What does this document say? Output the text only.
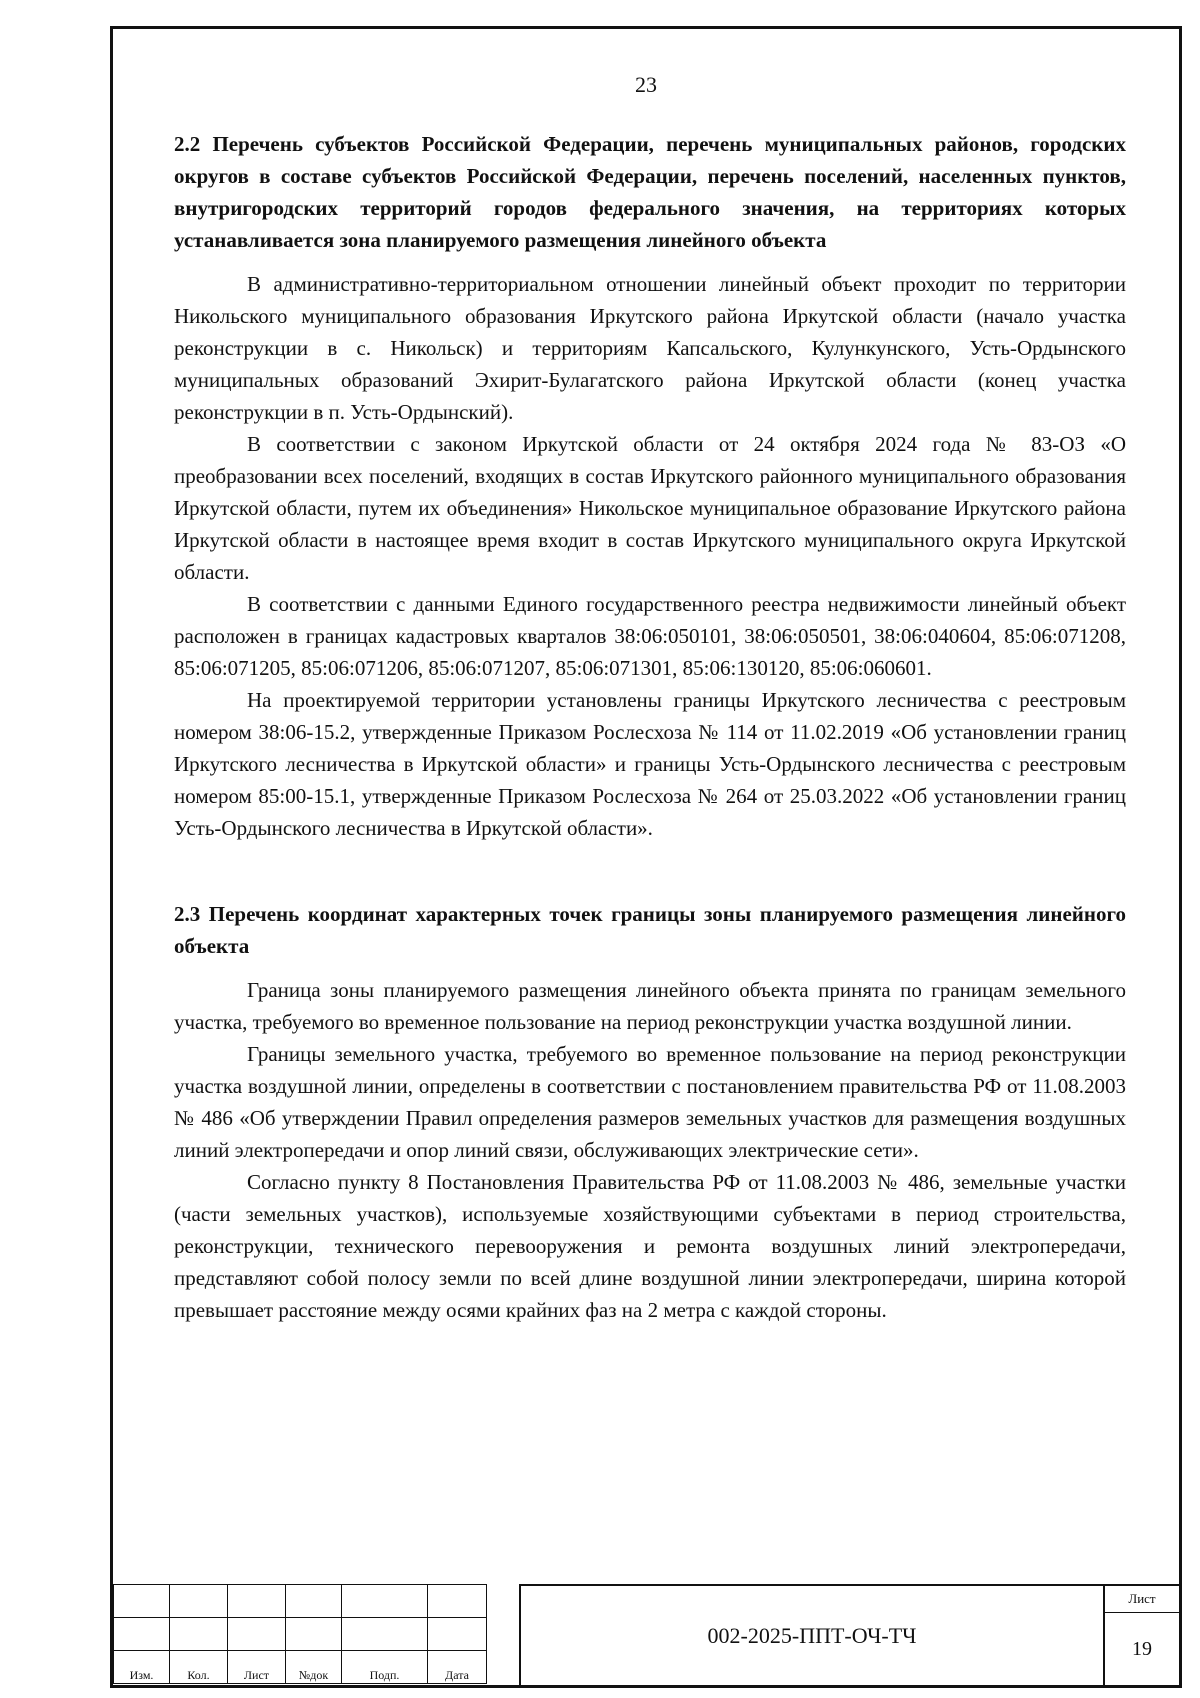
23
2.2 Перечень субъектов Российской Федерации, перечень муниципальных районов, городских округов в составе субъектов Российской Федерации, перечень поселений, населенных пунктов, внутригородских территорий городов федерального значения, на территориях которых устанавливается зона планируемого размещения линейного объекта

В административно-территориальном отношении линейный объект проходит по территории Никольского муниципального образования Иркутского района Иркутской области (начало участка реконструкции в с. Никольск) и территориям Капсальского, Кулункунского, Усть-Ордынского муниципальных образований Эхирит-Булагатского района Иркутской области (конец участка реконструкции в п. Усть-Ордынский).

В соответствии с законом Иркутской области от 24 октября 2024 года № 83-ОЗ «О преобразовании всех поселений, входящих в состав Иркутского районного муниципального образования Иркутской области, путем их объединения» Никольское муниципальное образование Иркутского района Иркутской области в настоящее время входит в состав Иркутского муниципального округа Иркутской области.

В соответствии с данными Единого государственного реестра недвижимости линейный объект расположен в границах кадастровых кварталов 38:06:050101, 38:06:050501, 38:06:040604, 85:06:071208, 85:06:071205, 85:06:071206, 85:06:071207, 85:06:071301, 85:06:130120, 85:06:060601.

На проектируемой территории установлены границы Иркутского лесничества с реестровым номером 38:06-15.2, утвержденные Приказом Рослесхоза № 114 от 11.02.2019 «Об установлении границ Иркутского лесничества в Иркутской области» и границы Усть-Ордынского лесничества с реестровым номером 85:00-15.1, утвержденные Приказом Рослесхоза № 264 от 25.03.2022 «Об установлении границ Усть-Ордынского лесничества в Иркутской области».

2.3 Перечень координат характерных точек границы зоны планируемого размещения линейного объекта

Граница зоны планируемого размещения линейного объекта принята по границам земельного участка, требуемого во временное пользование на период реконструкции участка воздушной линии.

Границы земельного участка, требуемого во временное пользование на период реконструкции участка воздушной линии, определены в соответствии с постановлением правительства РФ от 11.08.2003 № 486 «Об утверждении Правил определения размеров земельных участков для размещения воздушных линий электропередачи и опор линий связи, обслуживающих электрические сети».

Согласно пункту 8 Постановления Правительства РФ от 11.08.2003 № 486, земельные участки (части земельных участков), используемые хозяйствующими субъектами в период строительства, реконструкции, технического перевооружения и ремонта воздушных линий электропередачи, представляют собой полосу земли по всей длине воздушной линии электропередачи, ширина которой превышает расстояние между осями крайних фаз на 2 метра с каждой стороны.

Изм.	Кол.	Лист	№док	Подп.	Дата
002-2025-ППТ-ОЧ-ТЧ
Лист
19
